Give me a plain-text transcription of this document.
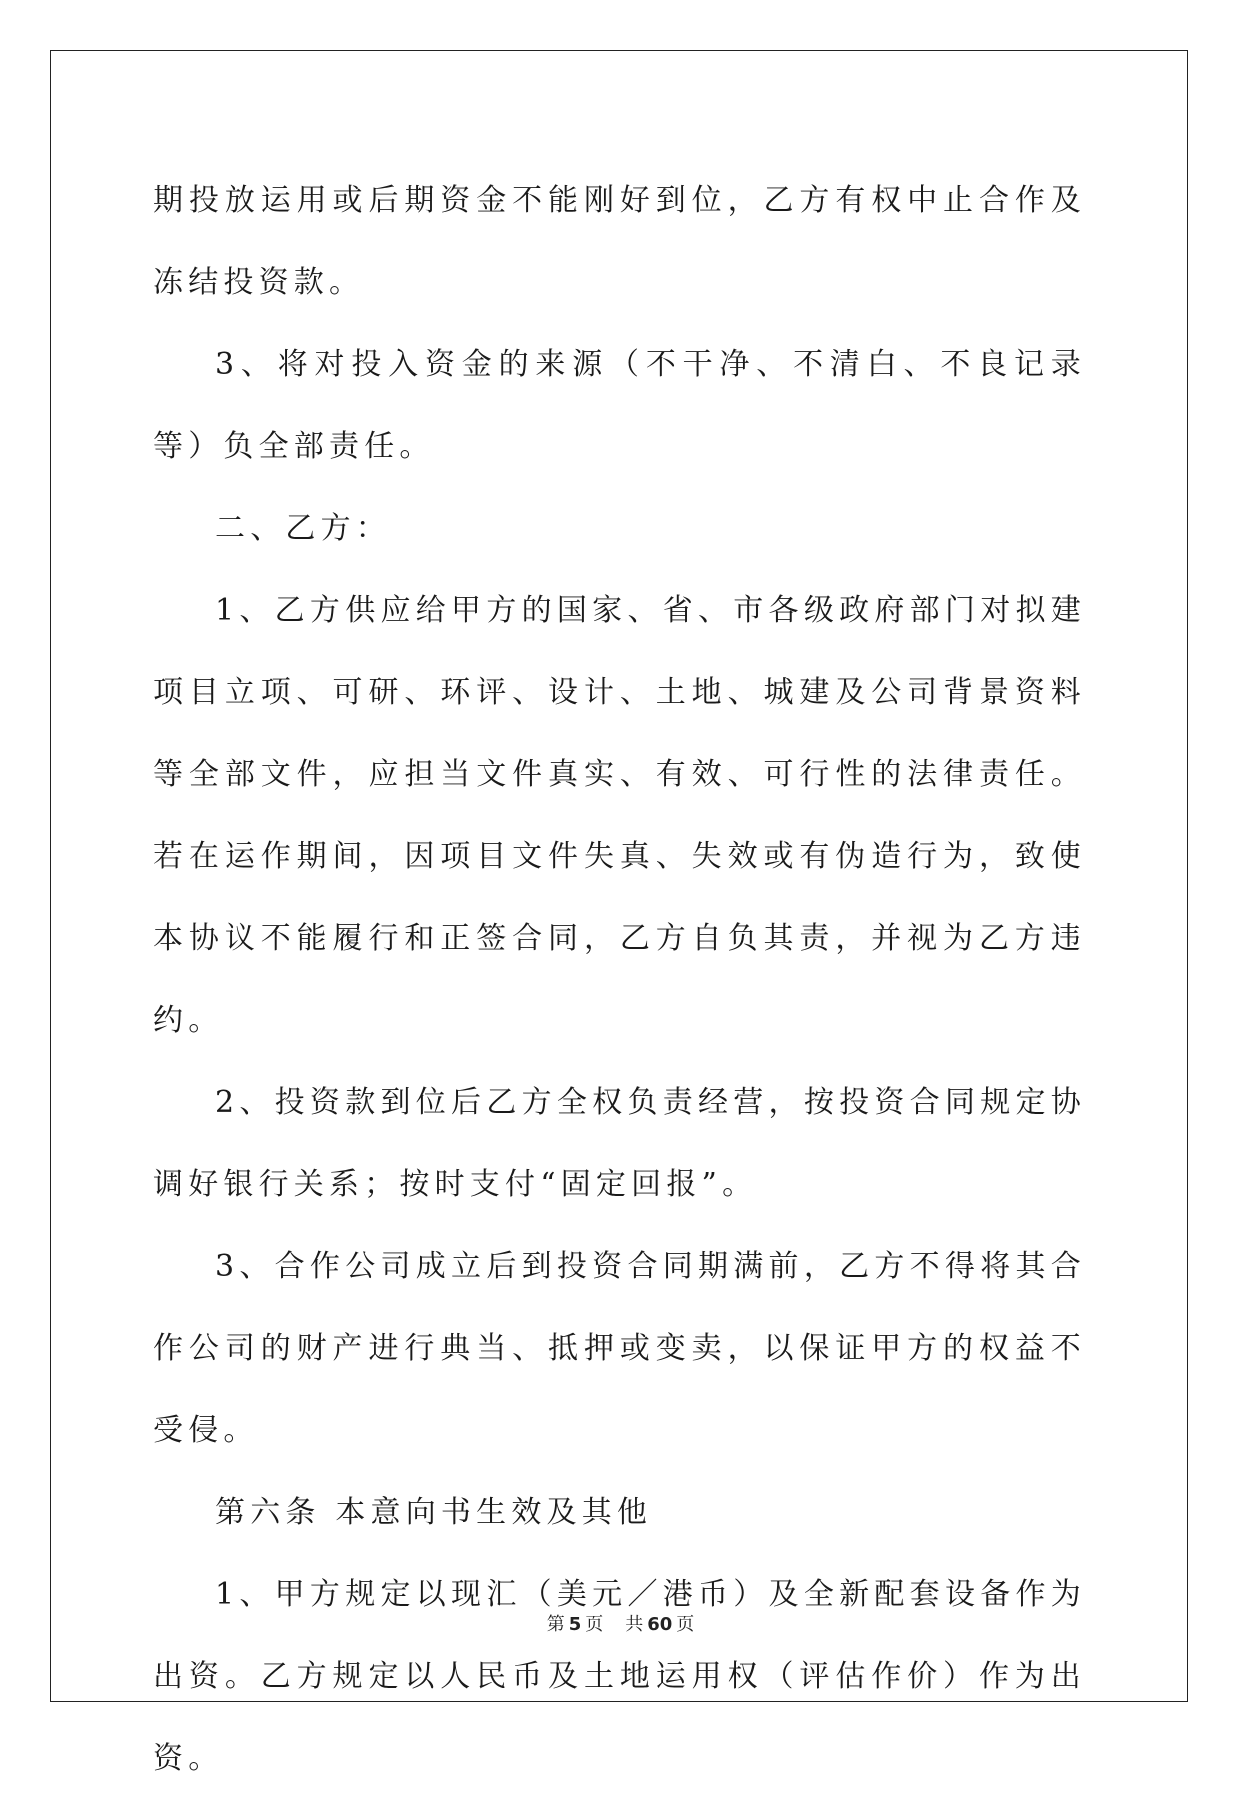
期投放运用或后期资金不能刚好到位，乙方有权中止合作及冻结投资款。

3、将对投入资金的来源（不干净、不清白、不良记录等）负全部责任。

二、乙方：

1、乙方供应给甲方的国家、省、市各级政府部门对拟建项目立项、可研、环评、设计、土地、城建及公司背景资料等全部文件，应担当文件真实、有效、可行性的法律责任。若在运作期间，因项目文件失真、失效或有伪造行为，致使本协议不能履行和正签合同，乙方自负其责，并视为乙方违约。

2、投资款到位后乙方全权负责经营，按投资合同规定协调好银行关系；按时支付“固定回报”。

3、合作公司成立后到投资合同期满前，乙方不得将其合作公司的财产进行典当、抵押或变卖，以保证甲方的权益不受侵。

第六条 本意向书生效及其他

1、甲方规定以现汇（美元／港币）及全新配套设备作为出资。乙方规定以人民币及土地运用权（评估作价）作为出资。

第 5 页 共 60 页
